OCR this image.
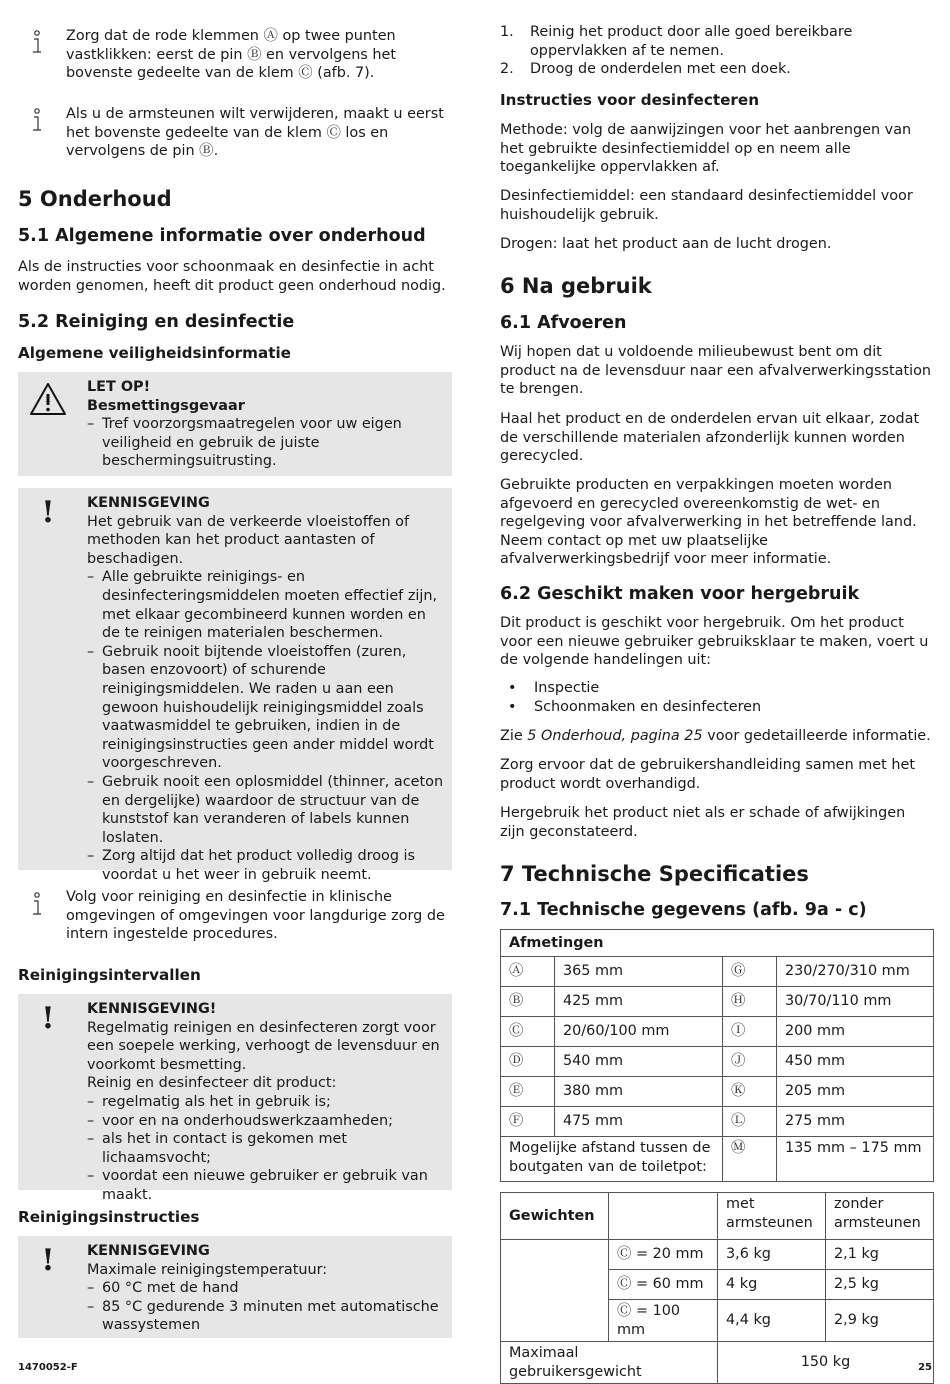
Zorg dat de rode klemmen Ⓐ op twee punten vastklikken: eerst de pin Ⓑ en vervolgens het bovenste gedeelte van de klem Ⓒ (afb. 7).

Als u de armsteunen wilt verwijderen, maakt u eerst het bovenste gedeelte van de klem Ⓒ los en vervolgens de pin Ⓑ.

5 Onderhoud
5.1 Algemene informatie over onderhoud

Als de instructies voor schoonmaak en desinfectie in acht worden genomen, heeft dit product geen onderhoud nodig.

5.2 Reiniging en desinfectie
Algemene veiligheidsinformatie

LET OP!

Besmettingsgevaar

– Tref voorzorgsmaatregelen voor uw eigen veiligheid en gebruik de juiste beschermingsuitrusting.

!	KENNISGEVING

Het gebruik van de verkeerde vloeistoffen of methoden kan het product aantasten of beschadigen.

– Alle gebruikte reinigings- en desinfecteringsmiddelen moeten effectief zijn, met elkaar gecombineerd kunnen worden en de te reinigen materialen beschermen.

– Gebruik nooit bijtende vloeistoffen (zuren, basen enzovoort) of schurende reinigingsmiddelen. We raden u aan een gewoon huishoudelijk reinigingsmiddel zoals vaatwasmiddel te gebruiken, indien in de reinigingsinstructies geen ander middel wordt voorgeschreven.

– Gebruik nooit een oplosmiddel (thinner, aceton en dergelijke) waardoor de structuur van de kunststof kan veranderen of labels kunnen loslaten.

– Zorg altijd dat het product volledig droog is voordat u het weer in gebruik neemt.

Volg voor reiniging en desinfectie in klinische omgevingen of omgevingen voor langdurige zorg de intern ingestelde procedures.

Reinigingsintervallen
!	KENNISGEVING!

Regelmatig reinigen en desinfecteren zorgt voor een soepele werking, verhoogt de levensduur en voorkomt besmetting.

Reinig en desinfecteer dit product:

– regelmatig als het in gebruik is;

– voor en na onderhoudswerkzaamheden;

– als het in contact is gekomen met lichaamsvocht;

– voordat een nieuwe gebruiker er gebruik van maakt.

Reinigingsinstructies
!	KENNISGEVING

Maximale reinigingstemperatuur:

– 60 °C met de hand

– 85 °C gedurende 3 minuten met automatische wassystemen

1. Reinig het product door alle goed bereikbare oppervlakken af te nemen.
2. Droog de onderdelen met een doek.
Instructies voor desinfecteren

Methode: volg de aanwijzingen voor het aanbrengen van het gebruikte desinfectiemiddel op en neem alle toegankelijke oppervlakken af.

Desinfectiemiddel: een standaard desinfectiemiddel voor huishoudelijk gebruik.

Drogen: laat het product aan de lucht drogen.

6 Na gebruik
6.1 Afvoeren

Wij hopen dat u voldoende milieubewust bent om dit product na de levensduur naar een afvalverwerkingsstation te brengen.

Haal het product en de onderdelen ervan uit elkaar, zodat de verschillende materialen afzonderlijk kunnen worden gerecycled.

Gebruikte producten en verpakkingen moeten worden afgevoerd en gerecycled overeenkomstig de wet- en regelgeving voor afvalverwerking in het betreffende land. Neem contact op met uw plaatselijke afvalverwerkingsbedrijf voor meer informatie.

6.2 Geschikt maken voor hergebruik

Dit product is geschikt voor hergebruik. Om het product voor een nieuwe gebruiker gebruiksklaar te maken, voert u de volgende handelingen uit:

• Inspectie
• Schoonmaken en desinfecteren

Zie 5 Onderhoud, pagina 25 voor gedetailleerde informatie.

Zorg ervoor dat de gebruikershandleiding samen met het product wordt overhandigd.

Hergebruik het product niet als er schade of afwijkingen zijn geconstateerd.

7 Technische Specificaties
7.1 Technische gegevens (afb. 9a - c)
Afmetingen			
Ⓐ	365 mm	Ⓖ	230/270/310 mm
Ⓑ	425 mm	Ⓗ	30/70/110 mm
Ⓒ	20/60/100 mm	Ⓘ	200 mm
Ⓓ	540 mm	Ⓙ	450 mm
Ⓔ	380 mm	Ⓚ	205 mm
Ⓕ	475 mm	Ⓛ	275 mm
Mogelijke afstand tussen de boutgaten van de toiletpot:		Ⓜ	135 mm – 175 mm
Gewichten		met armsteunen	zonder armsteunen
	Ⓒ = 20 mm	3,6 kg	2,1 kg
	Ⓒ = 60 mm	4 kg	2,5 kg
	Ⓒ = 100 mm	4,4 kg	2,9 kg
Maximaal gebruikersgewicht		150 kg	
1470052-F	25
